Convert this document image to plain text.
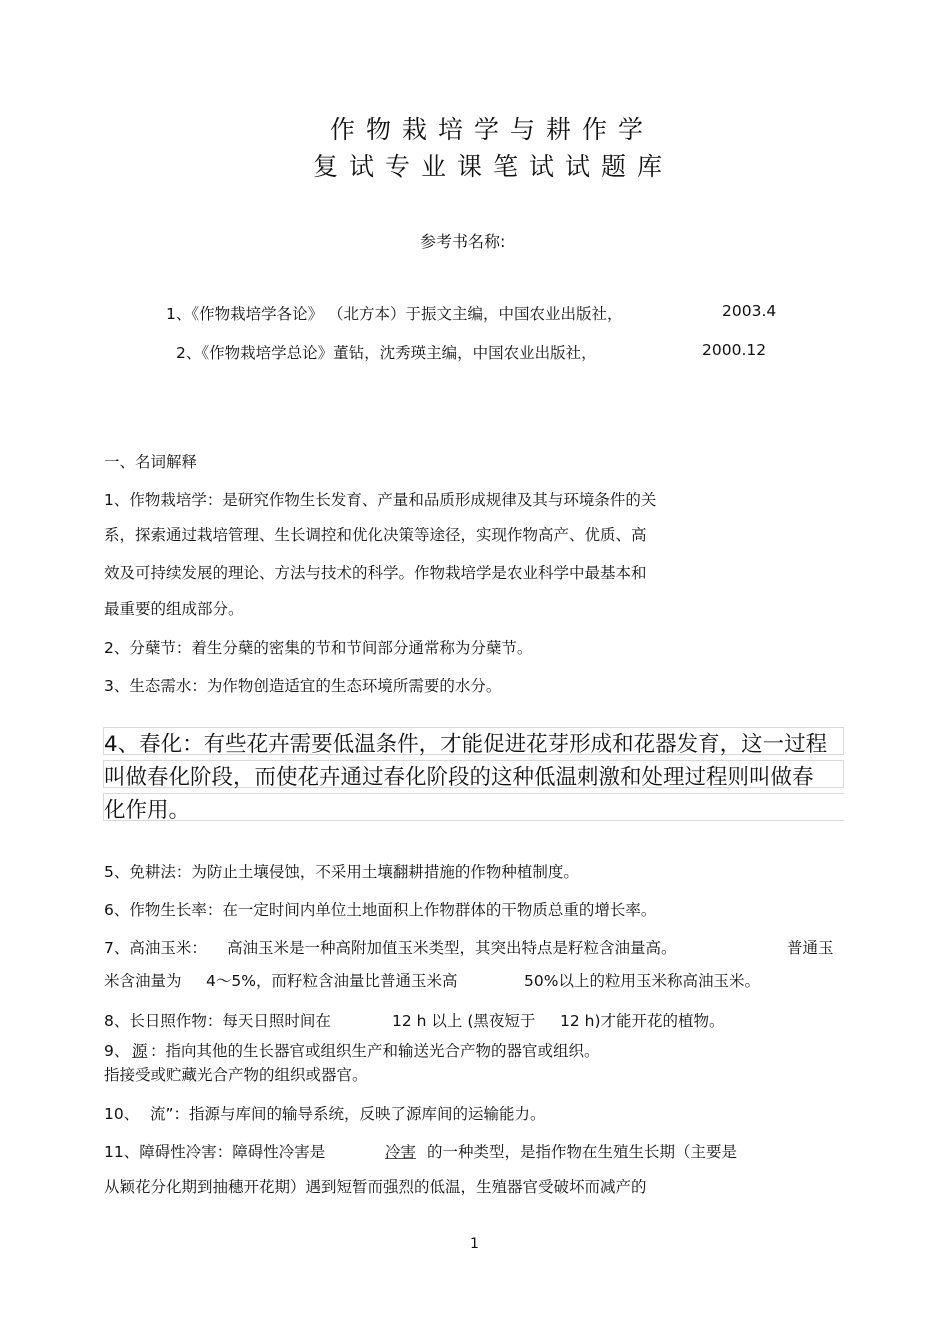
作物栽培学与耕作学
复试专业课笔试试题库
参考书名称:
1、《作物栽培学各论》 （北方本）于振文主编，中国农业出版社，	2003.4
2、《作物栽培学总论》董钻，沈秀瑛主编，中国农业出版社，	2000.12
一、名词解释
1、作物栽培学：是研究作物生长发育、产量和品质形成规律及其与环境条件的关
系，探索通过栽培管理、生长调控和优化决策等途径，实现作物高产、优质、高
效及可持续发展的理论、方法与技术的科学。作物栽培学是农业科学中最基本和
最重要的组成部分。
2、分蘖节：着生分蘖的密集的节和节间部分通常称为分蘖节。
3、生态需水：为作物创造适宜的生态环境所需要的水分。
4、春化：有些花卉需要低温条件，才能促进花芽形成和花器发育，这一过程
叫做春化阶段，而使花卉通过春化阶段的这种低温刺激和处理过程则叫做春
化作用。
5、免耕法：为防止土壤侵蚀，不采用土壤翻耕措施的作物种植制度。
6、作物生长率：在一定时间内单位土地面积上作物群体的干物质总重的增长率。
7、高油玉米： 高油玉米是一种高附加值玉米类型，其突出特点是籽粒含油量高。	普通玉
米含油量为 4～5%，而籽粒含油量比普通玉米高	50%以上的粒用玉米称高油玉米。
8、长日照作物：每天日照时间在	12 h 以上 (黑夜短于 12 h)才能开花的植物。
9、 源 ：指向其他的生长器官或组织生产和输送光合产物的器官或组织。
指接受或贮藏光合产物的组织或器官。
10、 流”：指源与库间的输导系统，反映了源库间的运输能力。
11、障碍性冷害：障碍性冷害是	冷害 的一种类型，是指作物在生殖生长期（主要是
从颖花分化期到抽穗开花期）遇到短暂而强烈的低温，生殖器官受破坏而减产的
1
